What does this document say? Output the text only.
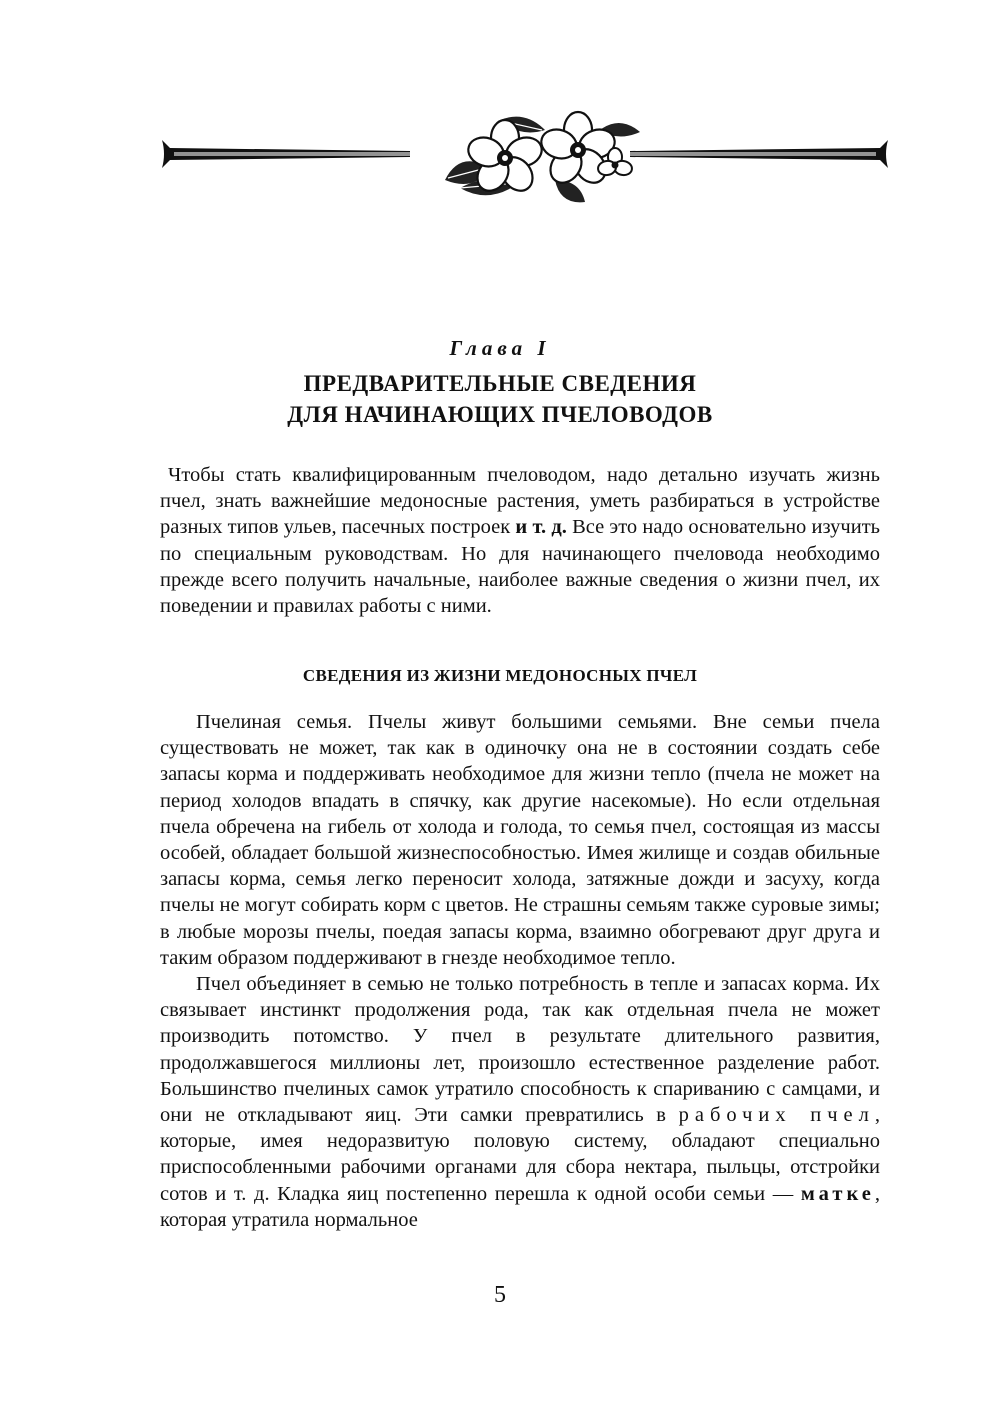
Глава I
ПРЕДВАРИТЕЛЬНЫЕ СВЕДЕНИЯ
ДЛЯ НАЧИНАЮЩИХ ПЧЕЛОВОДОВ

Чтобы стать квалифицированным пчеловодом, надо детально изучать жизнь пчел, знать важнейшие медоносные растения, уметь разбираться в устройстве разных типов ульев, пасечных построек и т. д. Все это надо основательно изучить по специальным руководствам. Но для начинающего пчеловода необходимо прежде всего получить начальные, наиболее важные сведения о жизни пчел, их поведении и правилах работы с ними.

СВЕДЕНИЯ ИЗ ЖИЗНИ МЕДОНОСНЫХ ПЧЕЛ

Пчелиная семья. Пчелы живут большими семьями. Вне семьи пчела существовать не может, так как в одиночку она не в состоянии создать себе запасы корма и поддерживать необходимое для жизни тепло (пчела не может на период холодов впадать в спячку, как другие насекомые). Но если отдельная пчела обречена на гибель от холода и голода, то семья пчел, состоящая из массы особей, обладает большой жизнеспособностью. Имея жилище и создав обильные запасы корма, семья легко переносит холода, затяжные дожди и засуху, когда пчелы не могут собирать корм с цветов. Не страшны семьям также суровые зимы; в любые морозы пчелы, поедая запасы корма, взаимно обогревают друг друга и таким образом поддерживают в гнезде необходимое тепло.

Пчел объединяет в семью не только потребность в тепле и запасах корма. Их связывает инстинкт продолжения рода, так как отдельная пчела не может производить потомство. У пчел в результате длительного развития, продолжавшегося миллионы лет, произошло естественное разделение работ. Большинство пчелиных самок утратило способность к спариванию с самцами, и они не откладывают яиц. Эти самки превратились в рабочих пчел, которые, имея недоразвитую половую систему, обладают специально приспособленными рабочими органами для сбора нектара, пыльцы, отстройки сотов и т. д. Кладка яиц постепенно перешла к одной особи семьи — матке, которая утратила нормальное

5
